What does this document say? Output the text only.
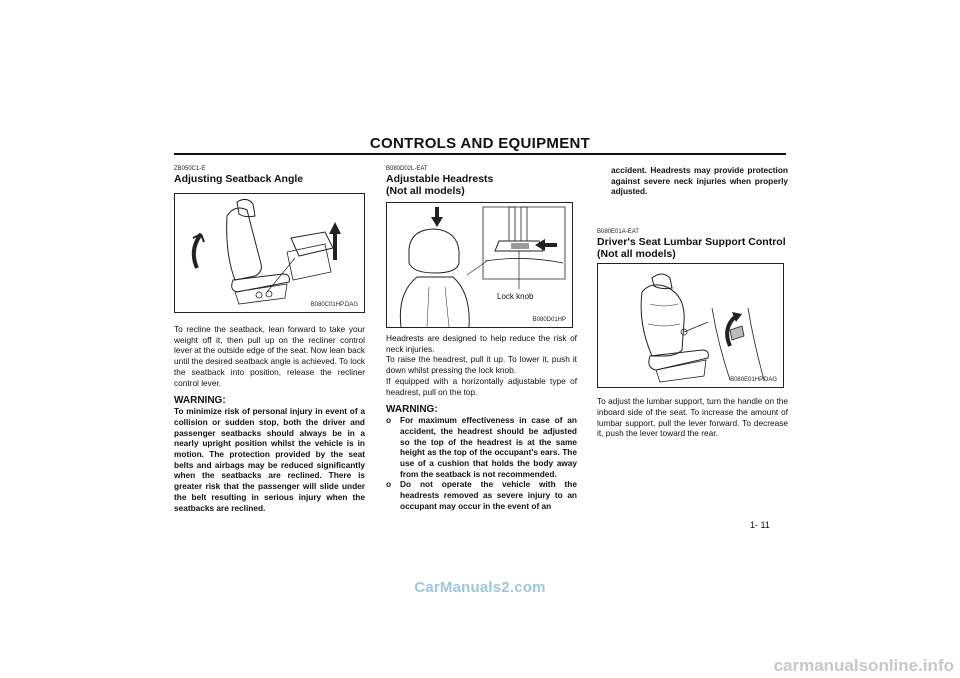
CONTROLS AND EQUIPMENT
ZB050C1-E
Adjusting Seatback Angle
B080C01HP.DAG

To recline the seatback, lean forward to take your weight off it, then pull up on the recliner control lever at the outside edge of the seat. Now lean back until the desired seatback angle is achieved. To lock the seatback into position, release the recliner control lever.

WARNING:

To minimize risk of personal injury in event of a collision or sudden stop, both the driver and passenger seatbacks should always be in a nearly upright position whilst the vehicle is in motion. The protection provided by the seat belts and airbags may be reduced significantly when the seatbacks are reclined. There is greater risk that the passenger will slide under the belt resulting in serious injury when the seatbacks are reclined.

B080D02L-EAT
Adjustable Headrests
(Not all models)
Lock knob
B080D01HP

Headrests are designed to help reduce the risk of neck injuries.

To raise the headrest, pull it up. To lower it, push it down whilst pressing the lock knob.

If equipped with a horizontally adjustable type of headrest, pull on the top.

WARNING:
o For maximum effectiveness in case of an accident, the headrest should be adjusted so the top of the headrest is at the same height as the top of the occupant's ears. The use of a cushion that holds the body away from the seatback is not recommended.
o Do not operate the vehicle with the headrests removed as severe injury to an occupant may occur in the event of an

accident. Headrests may provide protection against severe neck injuries when properly adjusted.

B080E01A-EAT
Driver's Seat Lumbar Support Control
(Not all models)
B080E01HP.DAG

To adjust the lumbar support, turn the handle on the inboard side of the seat. To increase the amount of lumbar support, pull the lever forward. To decrease it, push the lever toward the rear.

1- 11
CarManuals2.com
carmanualsonline.info
